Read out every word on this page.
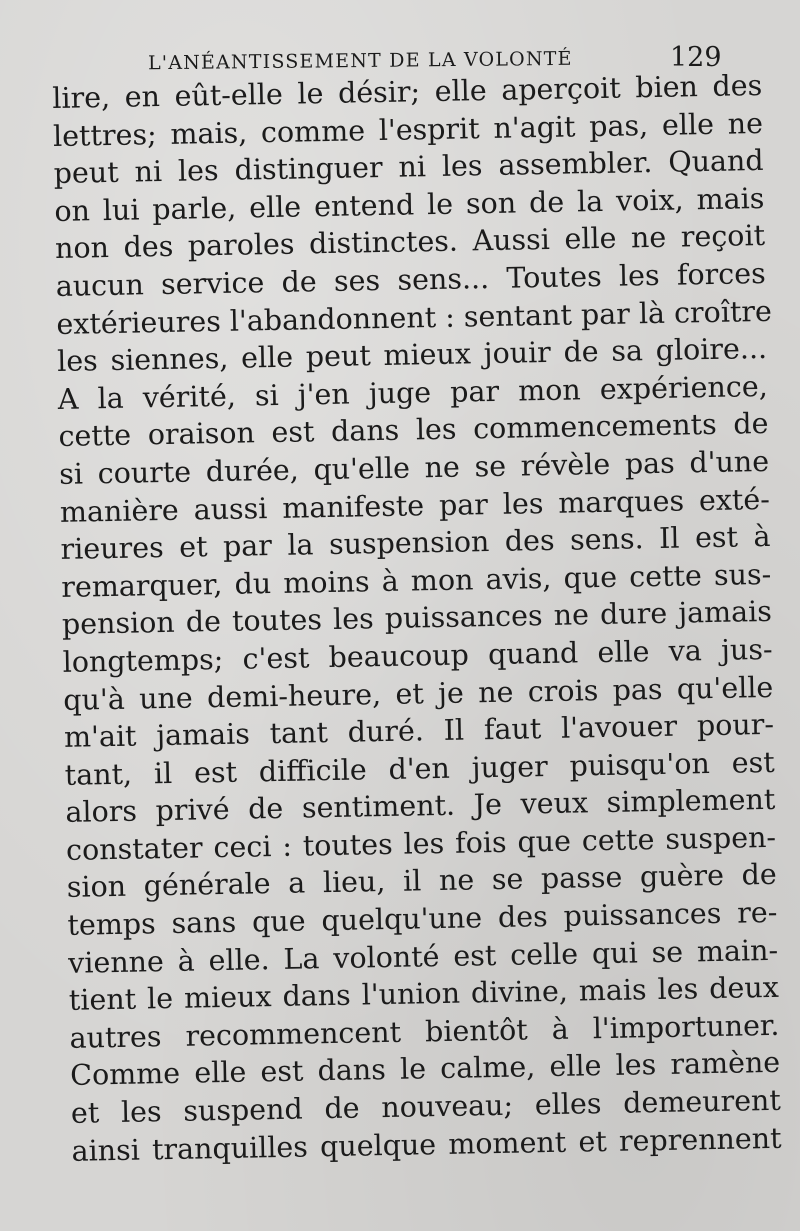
L'ANÉANTISSEMENT DE LA VOLONTÉ	129
lire, en eût-elle le désir; elle aperçoit bien des
lettres; mais, comme l'esprit n'agit pas, elle ne
peut ni les distinguer ni les assembler. Quand
on lui parle, elle entend le son de la voix, mais
non des paroles distinctes. Aussi elle ne reçoit
aucun service de ses sens... Toutes les forces
extérieures l'abandonnent : sentant par là croître
les siennes, elle peut mieux jouir de sa gloire...
A la vérité, si j'en juge par mon expérience,
cette oraison est dans les commencements de
si courte durée, qu'elle ne se révèle pas d'une
manière aussi manifeste par les marques exté-
rieures et par la suspension des sens. Il est à
remarquer, du moins à mon avis, que cette sus-
pension de toutes les puissances ne dure jamais
longtemps; c'est beaucoup quand elle va jus-
qu'à une demi-heure, et je ne crois pas qu'elle
m'ait jamais tant duré. Il faut l'avouer pour-
tant, il est difficile d'en juger puisqu'on est
alors privé de sentiment. Je veux simplement
constater ceci : toutes les fois que cette suspen-
sion générale a lieu, il ne se passe guère de
temps sans que quelqu'une des puissances re-
vienne à elle. La volonté est celle qui se main-
tient le mieux dans l'union divine, mais les deux
autres recommencent bientôt à l'importuner.
Comme elle est dans le calme, elle les ramène
et les suspend de nouveau; elles demeurent
ainsi tranquilles quelque moment et reprennent
